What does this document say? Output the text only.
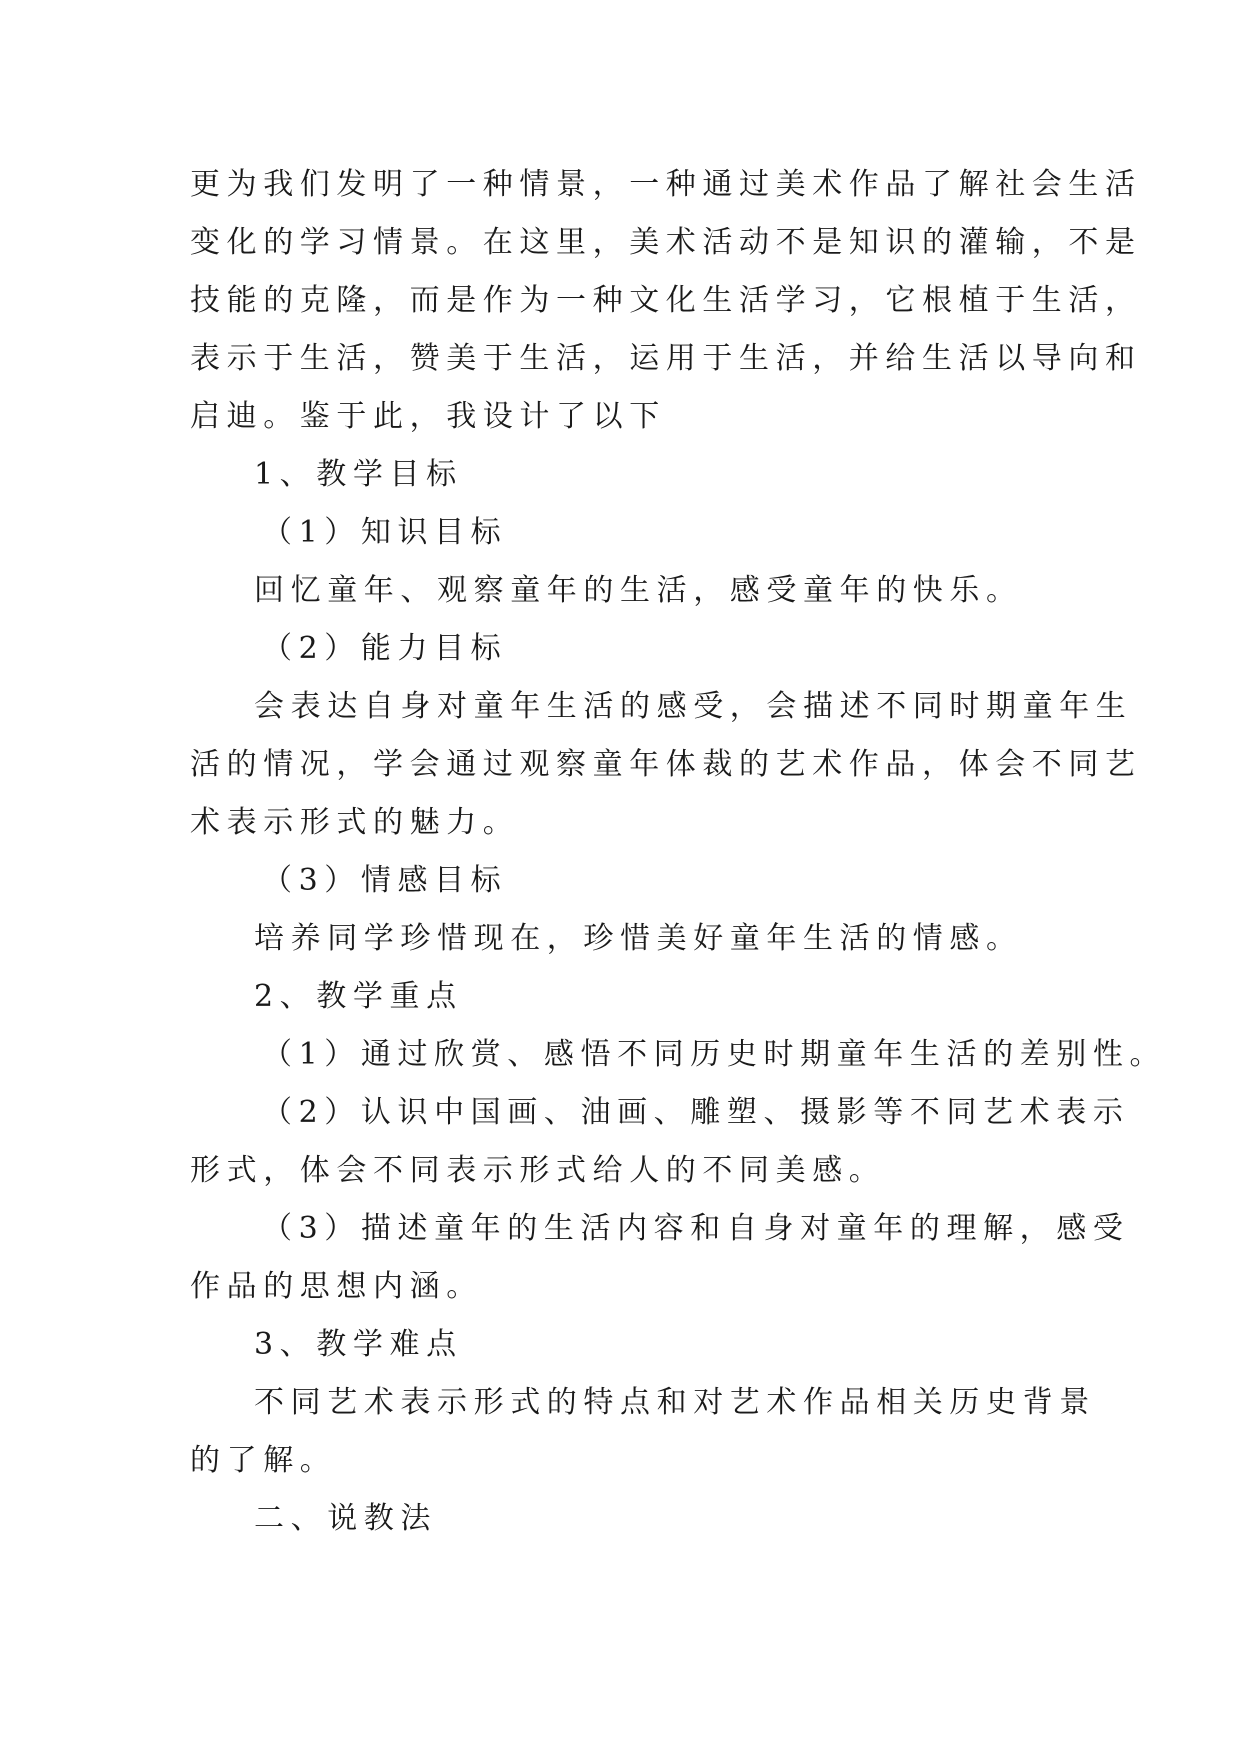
更为我们发明了一种情景，一种通过美术作品了解社会生活
变化的学习情景。在这里，美术活动不是知识的灌输，不是
技能的克隆，而是作为一种文化生活学习，它根植于生活，
表示于生活，赞美于生活，运用于生活，并给生活以导向和
启迪。鉴于此，我设计了以下
1、教学目标
（1）知识目标
回忆童年、观察童年的生活，感受童年的快乐。
（2）能力目标
会表达自身对童年生活的感受，会描述不同时期童年生
活的情况，学会通过观察童年体裁的艺术作品，体会不同艺
术表示形式的魅力。
（3）情感目标
培养同学珍惜现在，珍惜美好童年生活的情感。
2、教学重点
（1）通过欣赏、感悟不同历史时期童年生活的差别性。
（2）认识中国画、油画、雕塑、摄影等不同艺术表示
形式，体会不同表示形式给人的不同美感。
（3）描述童年的生活内容和自身对童年的理解，感受
作品的思想内涵。
3、教学难点
不同艺术表示形式的特点和对艺术作品相关历史背景
的了解。
二、说教法
